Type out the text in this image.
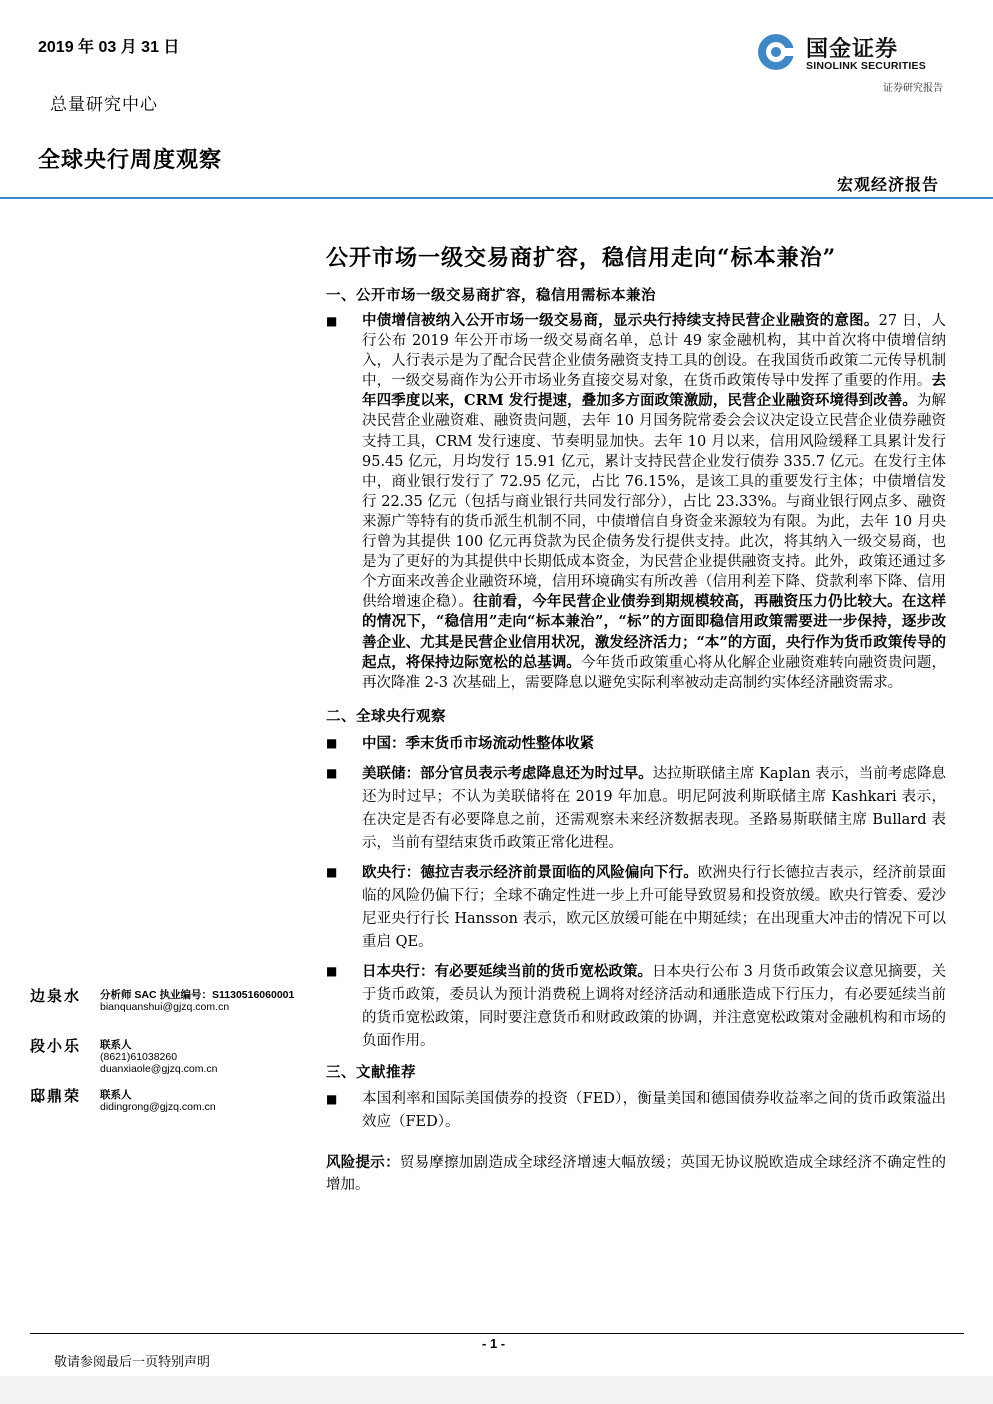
2019 年 03 月 31 日
总量研究中心
全球央行周度观察
宏观经济报告
国金证券
SINOLINK SECURITIES
证券研究报告
公开市场一级交易商扩容，稳信用走向“标本兼治”
一、公开市场一级交易商扩容，稳信用需标本兼治
■ 中债增信被纳入公开市场一级交易商，显示央行持续支持民营企业融资的意图。27 日，人行公布 2019 年公开市场一级交易商名单，总计 49 家金融机构，其中首次将中债增信纳入，人行表示是为了配合民营企业债务融资支持工具的创设。在我国货币政策二元传导机制中，一级交易商作为公开市场业务直接交易对象，在货币政策传导中发挥了重要的作用。去年四季度以来，CRM 发行提速，叠加多方面政策激励，民营企业融资环境得到改善。为解决民营企业融资难、融资贵问题，去年 10 月国务院常委会会议决定设立民营企业债券融资支持工具，CRM 发行速度、节奏明显加快。去年 10 月以来，信用风险缓释工具累计发行 95.45 亿元，月均发行 15.91 亿元，累计支持民营企业发行债券 335.7 亿元。在发行主体中，商业银行发行了 72.95 亿元，占比 76.15%，是该工具的重要发行主体；中债增信发行 22.35 亿元（包括与商业银行共同发行部分），占比 23.33%。与商业银行网点多、融资来源广等特有的货币派生机制不同，中债增信自身资金来源较为有限。为此，去年 10 月央行曾为其提供 100 亿元再贷款为民企债务发行提供支持。此次，将其纳入一级交易商，也是为了更好的为其提供中长期低成本资金，为民营企业提供融资支持。此外，政策还通过多个方面来改善企业融资环境，信用环境确实有所改善（信用利差下降、贷款利率下降、信用供给增速企稳）。往前看，今年民营企业债券到期规模较高，再融资压力仍比较大。在这样的情况下，“稳信用”走向“标本兼治”，“标”的方面即稳信用政策需要进一步保持，逐步改善企业、尤其是民营企业信用状况，激发经济活力；“本”的方面，央行作为货币政策传导的起点，将保持边际宽松的总基调。今年货币政策重心将从化解企业融资难转向融资贵问题，再次降准 2-3 次基础上，需要降息以避免实际利率被动走高制约实体经济融资需求。
二、全球央行观察
■ 中国：季末货币市场流动性整体收紧
■ 美联储：部分官员表示考虑降息还为时过早。达拉斯联储主席 Kaplan 表示，当前考虑降息还为时过早；不认为美联储将在 2019 年加息。明尼阿波利斯联储主席 Kashkari 表示，在决定是否有必要降息之前，还需观察未来经济数据表现。圣路易斯联储主席 Bullard 表示，当前有望结束货币政策正常化进程。
■ 欧央行：德拉吉表示经济前景面临的风险偏向下行。欧洲央行行长德拉吉表示，经济前景面临的风险仍偏下行；全球不确定性进一步上升可能导致贸易和投资放缓。欧央行管委、爱沙尼亚央行行长 Hansson 表示，欧元区放缓可能在中期延续；在出现重大冲击的情况下可以重启 QE。
■ 日本央行：有必要延续当前的货币宽松政策。日本央行公布 3 月货币政策会议意见摘要，关于货币政策，委员认为预计消费税上调将对经济活动和通胀造成下行压力，有必要延续当前的货币宽松政策，同时要注意货币和财政政策的协调，并注意宽松政策对金融机构和市场的负面作用。
三、文献推荐
■ 本国利率和国际美国债券的投资（FED），衡量美国和德国债券收益率之间的货币政策溢出效应（FED）。
风险提示：贸易摩擦加剧造成全球经济增速大幅放缓；英国无协议脱欧造成全球经济不确定性的增加。
边泉水 分析师 SAC 执业编号：S1130516060001
bianquanshui@gjzq.com.cn
段小乐 联系人
(8621)61038260
duanxiaole@gjzq.com.cn
邸鼎荣 联系人
didingrong@gjzq.com.cn
- 1 -
敬请参阅最后一页特别声明
